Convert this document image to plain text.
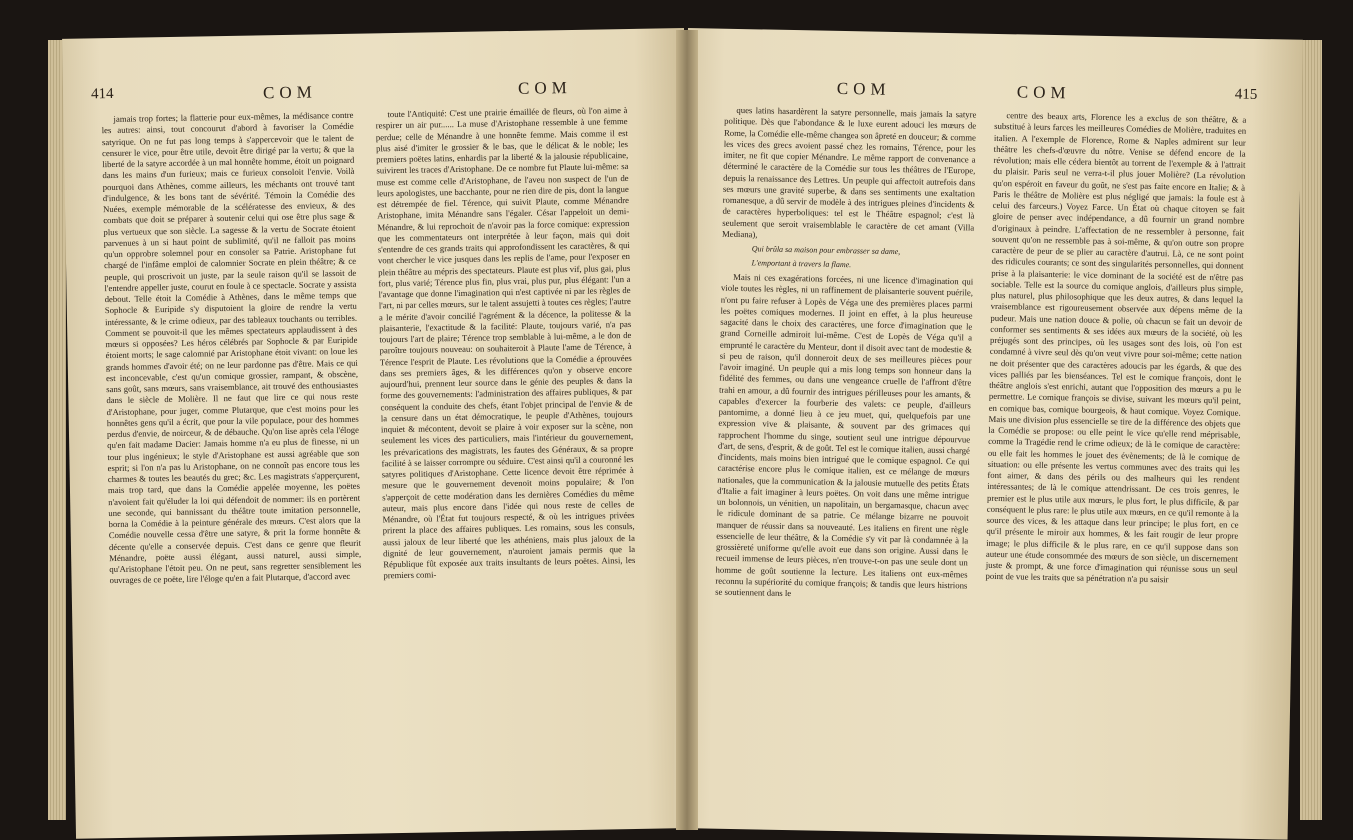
414	COM	COM

jamais trop fortes; la flatterie pour eux-mêmes, la médisance contre les autres: ainsi, tout concourut d'abord à favoriser la Comédie satyrique. On ne fut pas long temps à s'appercevoir que le talent de censurer le vice, pour être utile, devoit être dirigé par la vertu; & que la liberté de la satyre accordée à un mal honnête homme, étoit un poignard dans les mains d'un furieux; mais ce furieux consoloit l'envie. Voilà pourquoi dans Athènes, comme ailleurs, les méchants ont trouvé tant d'indulgence, & les bons tant de sévérité. Témoin la Comédie des Nuées, exemple mémorable de la scélératesse des envieux, & des combats que doit se préparer à soutenir celui qui ose être plus sage & plus vertueux que son siècle. La sagesse & la vertu de Socrate étoient parvenues à un si haut point de sublimité, qu'il ne falloit pas moins qu'un opprobre solemnel pour en consoler sa Patrie. Aristophane fut chargé de l'infâme emploi de calomnier Socrate en plein théâtre; & ce peuple, qui proscrivoit un juste, par la seule raison qu'il se lassoit de l'entendre appeller juste, courut en foule à ce spectacle. Socrate y assista debout. Telle étoit la Comédie à Athènes, dans le même temps que Sophocle & Euripide s'y disputoient la gloire de rendre la vertu intéressante, & le crime odieux, par des tableaux touchants ou terribles. Comment se pouvoit-il que les mêmes spectateurs applaudissent à des mœurs si opposées? Les héros célébrés par Sophocle & par Euripide étoient morts; le sage calomnié par Aristophane étoit vivant: on loue les grands hommes d'avoir été; on ne leur pardonne pas d'être. Mais ce qui est inconcevable, c'est qu'un comique grossier, rampant, & obscène, sans goût, sans mœurs, sans vraisemblance, ait trouvé des enthousiastes dans le siècle de Molière. Il ne faut que lire ce qui nous reste d'Aristophane, pour juger, comme Plutarque, que c'est moins pour les honnêtes gens qu'il a écrit, que pour la vile populace, pour des hommes perdus d'envie, de noirceur, & de débauche. Qu'on lise après cela l'éloge qu'en fait madame Dacier: Jamais homme n'a eu plus de finesse, ni un tour plus ingénieux; le style d'Aristophane est aussi agréable que son esprit; si l'on n'a pas lu Aristophane, on ne connoît pas encore tous les charmes & toutes les beautés du grec; &c. Les magistrats s'apperçurent, mais trop tard, que dans la Comédie appelée moyenne, les poëtes n'avoient fait qu'éluder la loi qui défendoit de nommer: ils en portèrent une seconde, qui bannissant du théâtre toute imitation personnelle, borna la Comédie à la peinture générale des mœurs. C'est alors que la Comédie nouvelle cessa d'être une satyre, & prit la forme honnête & décente qu'elle a conservée depuis. C'est dans ce genre que fleurit Ménandre, poëte aussi élégant, aussi naturel, aussi simple, qu'Aristophane l'étoit peu. On ne peut, sans regretter sensiblement les ouvrages de ce poëte, lire l'éloge qu'en a fait Plutarque, d'accord avec

toute l'Antiquité: C'est une prairie émaillée de fleurs, où l'on aime à respirer un air pur...... La muse d'Aristophane ressemble à une femme perdue; celle de Ménandre à une honnête femme. Mais comme il est plus aisé d'imiter le grossier & le bas, que le délicat & le noble; les premiers poëtes latins, enhardis par la liberté & la jalousie républicaine, suivirent les traces d'Aristophane. De ce nombre fut Plaute lui-même: sa muse est comme celle d'Aristophane, de l'aveu non suspect de l'un de leurs apologistes, une bacchante, pour ne rien dire de pis, dont la langue est détrempée de fiel. Térence, qui suivit Plaute, comme Ménandre Aristophane, imita Ménandre sans l'égaler. César l'appeloit un demi-Ménandre, & lui reprochoit de n'avoir pas la force comique: expression que les commentateurs ont interprétée à leur façon, mais qui doit s'entendre de ces grands traits qui approfondissent les caractères, & qui vont chercher le vice jusques dans les replis de l'ame, pour l'exposer en plein théâtre au mépris des spectateurs. Plaute est plus vif, plus gai, plus fort, plus varié; Térence plus fin, plus vrai, plus pur, plus élégant: l'un a l'avantage que donne l'imagination qui n'est captivée ni par les règles de l'art, ni par celles mœurs, sur le talent assujetti à toutes ces règles; l'autre a le mérite d'avoir concilié l'agrément & la décence, la politesse & la plaisanterie, l'exactitude & la facilité: Plaute, toujours varié, n'a pas toujours l'art de plaire; Térence trop semblable à lui-même, a le don de paroître toujours nouveau: on souhaiteroit à Plaute l'ame de Térence, à Térence l'esprit de Plaute. Les révolutions que la Comédie a éprouvées dans ses premiers âges, & les différences qu'on y observe encore aujourd'hui, prennent leur source dans le génie des peuples & dans la forme des gouvernements: l'administration des affaires publiques, & par conséquent la conduite des chefs, étant l'objet principal de l'envie & de la censure dans un état démocratique, le peuple d'Athènes, toujours inquiet & mécontent, devoit se plaire à voir exposer sur la scène, non seulement les vices des particuliers, mais l'intérieur du gouvernement, les prévarications des magistrats, les fautes des Généraux, & sa propre facilité à se laisser corrompre ou séduire. C'est ainsi qu'il a couronné les satyres politiques d'Aristophane. Cette licence devoit être réprimée à mesure que le gouvernement devenoit moins populaire; & l'on s'apperçoit de cette modération dans les dernières Comédies du même auteur, mais plus encore dans l'idée qui nous reste de celles de Ménandre, où l'État fut toujours respecté, & où les intrigues privées prirent la place des affaires publiques. Les romains, sous les consuls, aussi jaloux de leur liberté que les athéniens, mais plus jaloux de la dignité de leur gouvernement, n'auroient jamais permis que la République fût exposée aux traits insultants de leurs poëtes. Ainsi, les premiers comi-

COM	COM	415

ques latins hasardèrent la satyre personnelle, mais jamais la satyre politique. Dès que l'abondance & le luxe eurent adouci les mœurs de Rome, la Comédie elle-même changea son âpreté en douceur; & comme les vices des grecs avoient passé chez les romains, Térence, pour les imiter, ne fit que copier Ménandre. Le même rapport de convenance a déterminé le caractère de la Comédie sur tous les théâtres de l'Europe, depuis la renaissance des Lettres. Un peuple qui affectoit autrefois dans ses mœurs une gravité superbe, & dans ses sentiments une exaltation romanesque, a dû servir de modèle à des intrigues pleines d'incidents & de caractères hyperboliques: tel est le Théâtre espagnol; c'est là seulement que seroit vraisemblable le caractère de cet amant (Villa Mediana),

Qui brûla sa maison pour embrasser sa dame,
L'emportant à travers la flame.

Mais ni ces exagérations forcées, ni une licence d'imagination qui viole toutes les règles, ni un raffinement de plaisanterie souvent puérile, n'ont pu faire refuser à Lopès de Véga une des premières places parmi les poëtes comiques modernes. Il joint en effet, à la plus heureuse sagacité dans le choix des caractères, une force d'imagination que le grand Corneille admiroit lui-même. C'est de Lopès de Véga qu'il a emprunté le caractère du Menteur, dont il disoit avec tant de modestie & si peu de raison, qu'il donneroit deux de ses meilleures pièces pour l'avoir imaginé. Un peuple qui a mis long temps son honneur dans la fidélité des femmes, ou dans une vengeance cruelle de l'affront d'être trahi en amour, a dû fournir des intrigues périlleuses pour les amants, & capables d'exercer la fourberie des valets: ce peuple, d'ailleurs pantomime, a donné lieu à ce jeu muet, qui, quelquefois par une expression vive & plaisante, & souvent par des grimaces qui rapprochent l'homme du singe, soutient seul une intrigue dépourvue d'art, de sens, d'esprit, & de goût. Tel est le comique italien, aussi chargé d'incidents, mais moins bien intrigué que le comique espagnol. Ce qui caractérise encore plus le comique italien, est ce mélange de mœurs nationales, que la communication & la jalousie mutuelle des petits États d'Italie a fait imaginer à leurs poëtes. On voit dans une même intrigue un bolonnois, un vénitien, un napolitain, un bergamasque, chacun avec le ridicule dominant de sa patrie. Ce mélange bizarre ne pouvoit manquer de réussir dans sa nouveauté. Les italiens en firent une règle essencielle de leur théâtre, & la Comédie s'y vit par là condamnée à la grossièreté uniforme qu'elle avoit eue dans son origine. Aussi dans le recueil immense de leurs pièces, n'en trouve-t-on pas une seule dont un homme de goût soutienne la lecture. Les italiens ont eux-mêmes reconnu la supériorité du comique françois; & tandis que leurs histrions se soutiennent dans le

centre des beaux arts, Florence les a exclus de son théâtre, & a substitué à leurs farces les meilleures Comédies de Molière, traduites en italien. A l'exemple de Florence, Rome & Naples admirent sur leur théâtre les chefs-d'œuvre du nôtre. Venise se défend encore de la révolution; mais elle cédera bientôt au torrent de l'exemple & à l'attrait du plaisir. Paris seul ne verra-t-il plus jouer Molière? (La révolution qu'on espéroit en faveur du goût, ne s'est pas faite encore en Italie; & à Paris le théâtre de Molière est plus négligé que jamais: la foule est à celui des farceurs.) Voyez Farce. Un État où chaque citoyen se fait gloire de penser avec indépendance, a dû fournir un grand nombre d'originaux à peindre. L'affectation de ne ressembler à personne, fait souvent qu'on ne ressemble pas à soi-même, & qu'on outre son propre caractère de peur de se plier au caractère d'autrui. Là, ce ne sont point des ridicules courants; ce sont des singularités personnelles, qui donnent prise à la plaisanterie: le vice dominant de la société est de n'être pas sociable. Telle est la source du comique anglois, d'ailleurs plus simple, plus naturel, plus philosophique que les deux autres, & dans lequel la vraisemblance est rigoureusement observée aux dépens même de la pudeur. Mais une nation douce & polie, où chacun se fait un devoir de conformer ses sentiments & ses idées aux mœurs de la société, où les préjugés sont des principes, où les usages sont des lois, où l'on est condamné à vivre seul dès qu'on veut vivre pour soi-même; cette nation ne doit présenter que des caractères adoucis par les égards, & que des vices palliés par les bienséances. Tel est le comique françois, dont le théâtre anglois s'est enrichi, autant que l'opposition des mœurs a pu le permettre. Le comique françois se divise, suivant les mœurs qu'il peint, en comique bas, comique bourgeois, & haut comique. Voyez Comique. Mais une division plus essencielle se tire de la différence des objets que la Comédie se propose: ou elle peint le vice qu'elle rend méprisable, comme la Tragédie rend le crime odieux; de là le comique de caractère: ou elle fait les hommes le jouet des évènements; de là le comique de situation: ou elle présente les vertus communes avec des traits qui les font aimer, & dans des périls ou des malheurs qui les rendent intéressantes; de là le comique attendrissant. De ces trois genres, le premier est le plus utile aux mœurs, le plus fort, le plus difficile, & par conséquent le plus rare: le plus utile aux mœurs, en ce qu'il remonte à la source des vices, & les attaque dans leur principe; le plus fort, en ce qu'il présente le miroir aux hommes, & les fait rougir de leur propre image; le plus difficile & le plus rare, en ce qu'il suppose dans son auteur une étude consommée des mœurs de son siècle, un discernement juste & prompt, & une force d'imagination qui réunisse sous un seul point de vue les traits que sa pénétration n'a pu saisir
